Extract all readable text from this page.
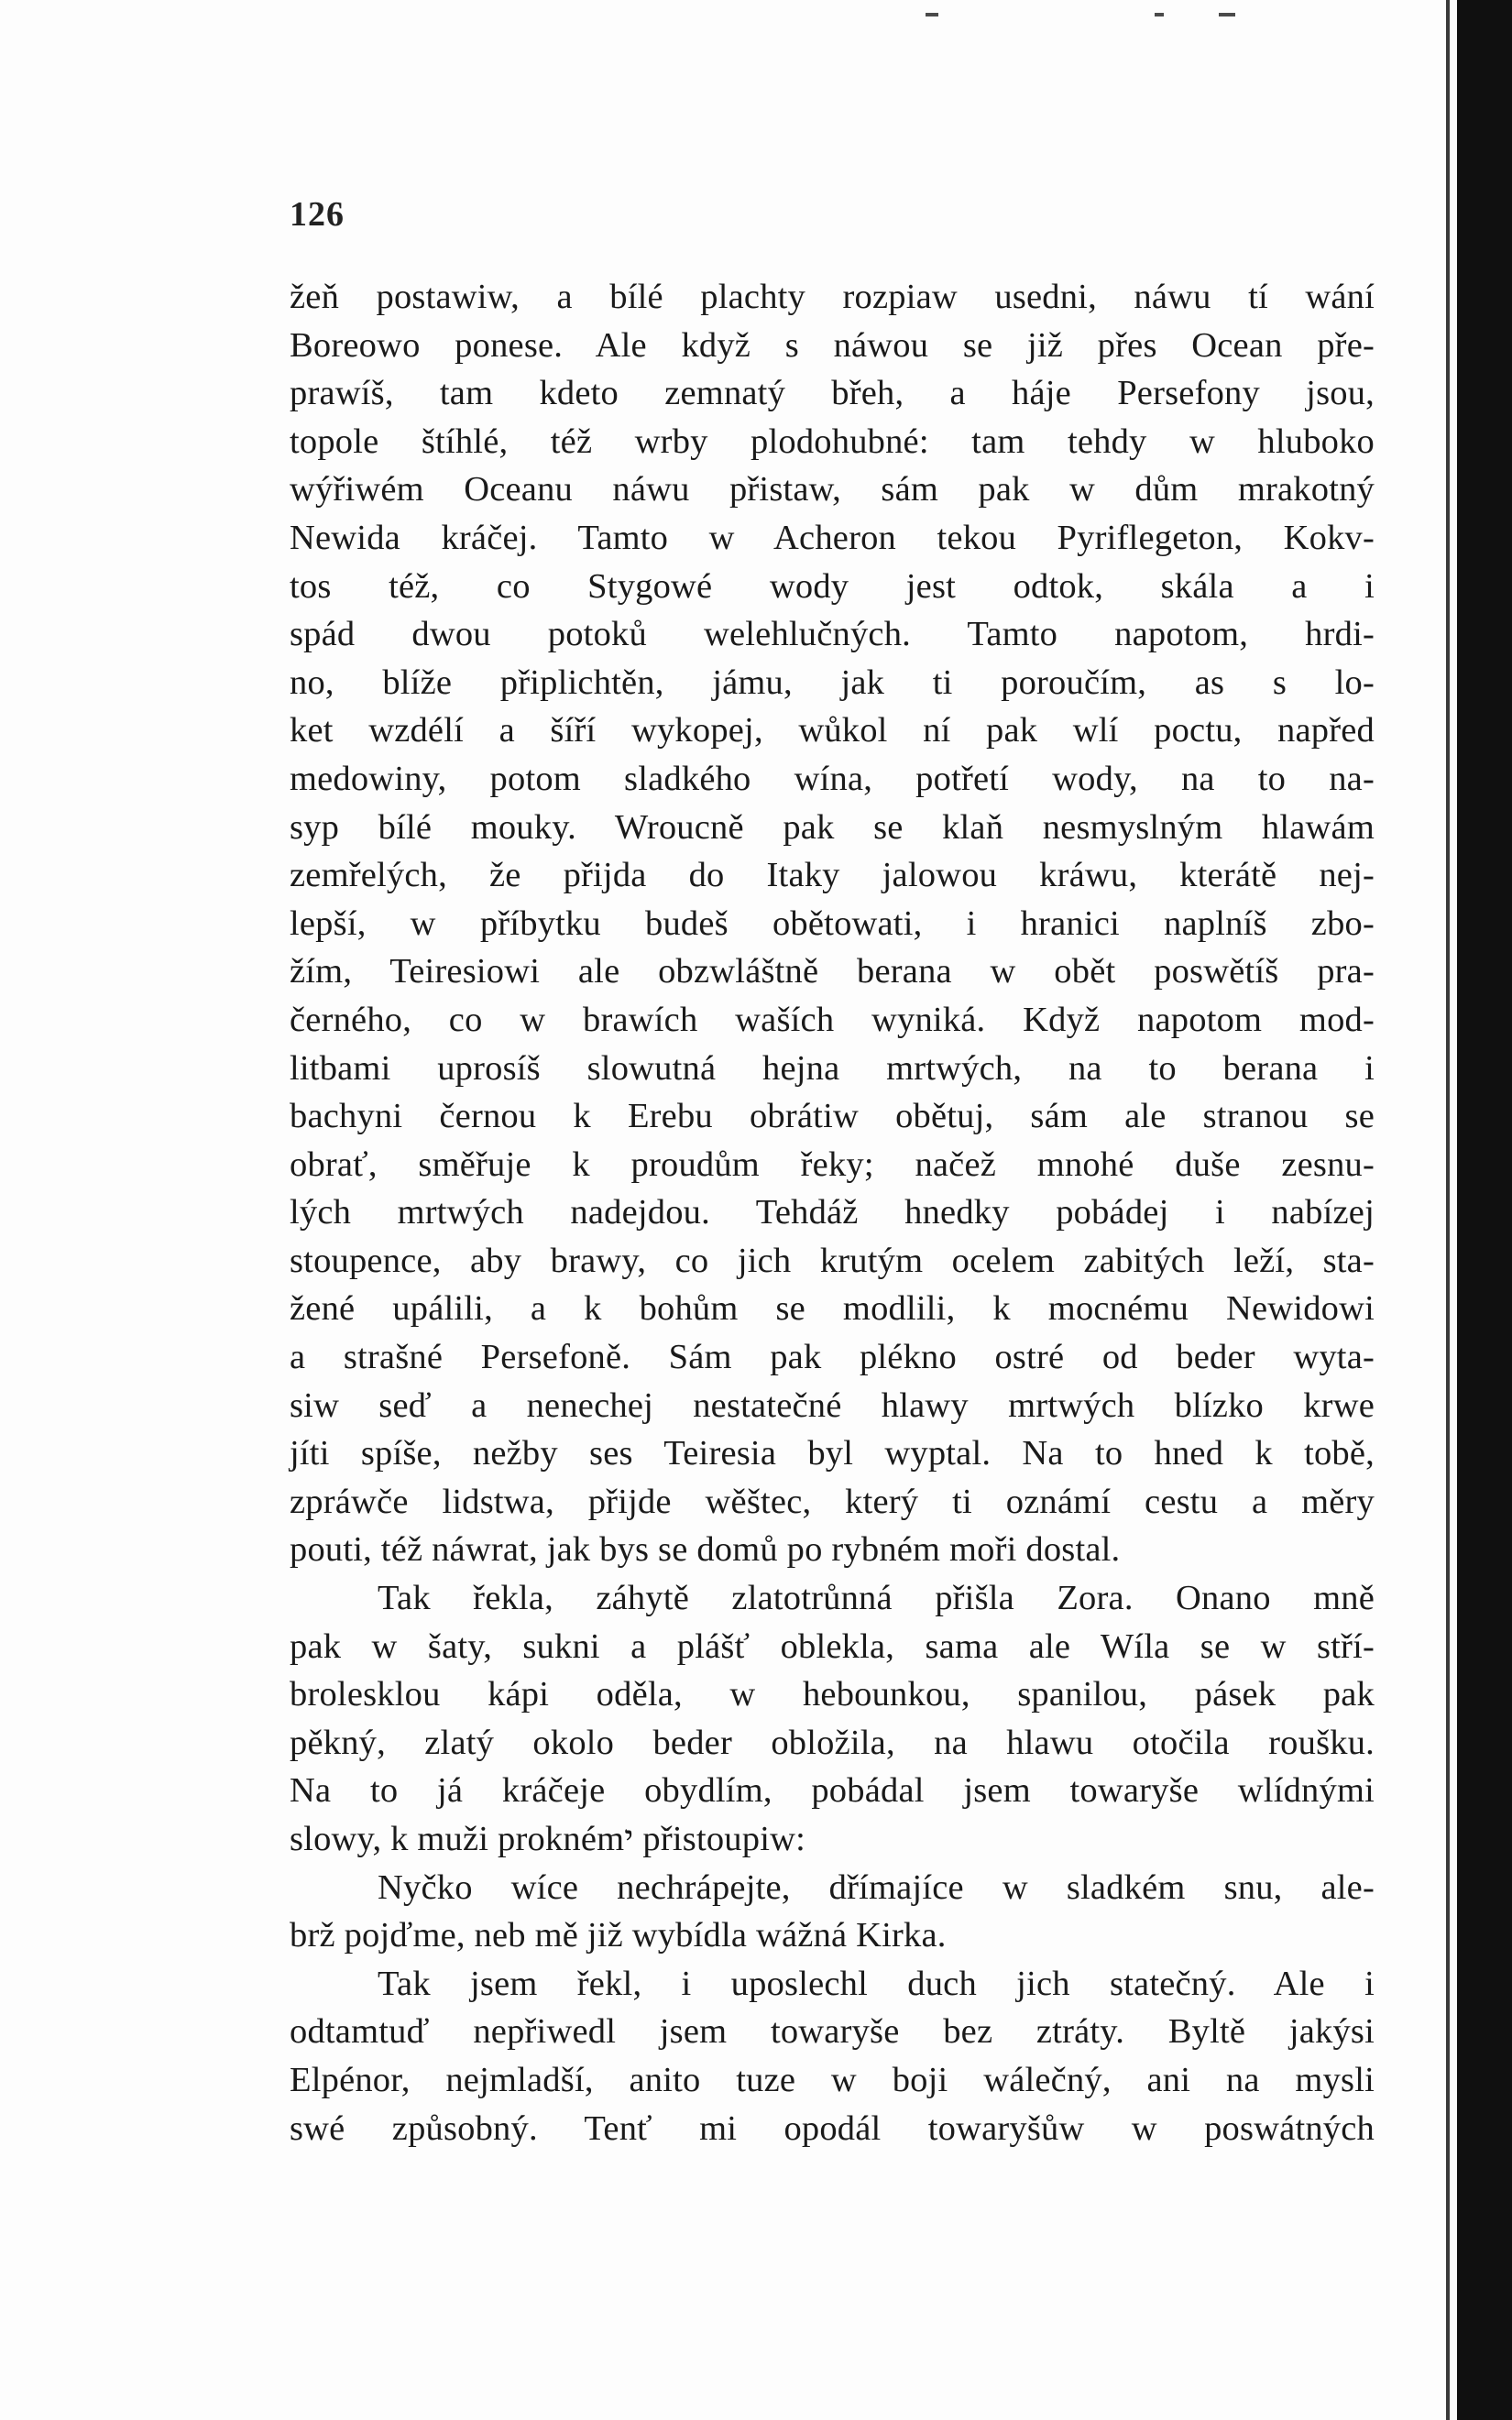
126
žeň postawiw, a bílé plachty rozpiaw usedni, náwu tí wání
Boreowo ponese. Ale když s náwou se již přes Ocean pře-
prawíš, tam kdeto zemnatý břeh, a háje Persefony jsou,
topole štíhlé, též wrby plodohubné: tam tehdy w hluboko
wýřiwém Oceanu náwu přistaw, sám pak w dům mrakotný
Newida kráčej. Tamto w Acheron tekou Pyriflegeton, Kokv-
tos též, co Stygowé wody jest odtok, skála a i
spád dwou potoků welehlučných. Tamto napotom, hrdi-
no, blíže připlichtěn, jámu, jak ti poroučím, as s lo-
ket wzdélí a šíří wykopej, wůkol ní pak wlí poctu, napřed
medowiny, potom sladkého wína, potřetí wody, na to na-
syp bílé mouky. Wroucně pak se klaň nesmyslným hlawám
zemřelých, že přijda do Itaky jalowou kráwu, kterátě nej-
lepší, w příbytku budeš obětowati, i hranici naplníš zbo-
žím, Teiresiowi ale obzwláštně berana w obět poswětíš pra-
černého, co w brawích waších wyniká. Když napotom mod-
litbami uprosíš slowutná hejna mrtwých, na to berana i
bachyni černou k Erebu obrátiw obětuj, sám ale stranou se
obrať, směřuje k proudům řeky; načež mnohé duše zesnu-
lých mrtwých nadejdou. Tehdáž hnedky pobádej i nabízej
stoupence, aby brawy, co jich krutým ocelem zabitých leží, sta-
žené upálili, a k bohům se modlili, k mocnému Newidowi
a strašné Persefoně. Sám pak plékno ostré od beder wyta-
siw seď a nenechej nestatečné hlawy mrtwých blízko krwe
jíti spíše, nežby ses Teiresia byl wyptal. Na to hned k tobě,
zpráwče lidstwa, přijde wěštec, který ti oznámí cestu a měry
pouti, též náwrat, jak bys se domů po rybném moři dostal.
Tak řekla, záhytě zlatotrůnná přišla Zora. Onano mně
pak w šaty, sukni a plášť oblekla, sama ale Wíla se w stří-
brolesklou kápi oděla, w hebounkou, spanilou, pásek pak
pěkný, zlatý okolo beder obložila, na hlawu otočila roušku.
Na to já kráčeje obydlím, pobádal jsem towaryše wlídnými
slowy, k muži proknémי přistoupiw:
Nyčko wíce nechrápejte, dřímajíce w sladkém snu, ale-
brž pojďme, neb mě již wybídla wážná Kirka.
Tak jsem řekl, i uposlechl duch jich statečný. Ale i
odtamtuď nepřiwedl jsem towaryše bez ztráty. Byltě jakýsi
Elpénor, nejmladší, anito tuze w boji wálečný, ani na mysli
swé způsobný. Tenť mi opodál towaryšůw w poswátných
